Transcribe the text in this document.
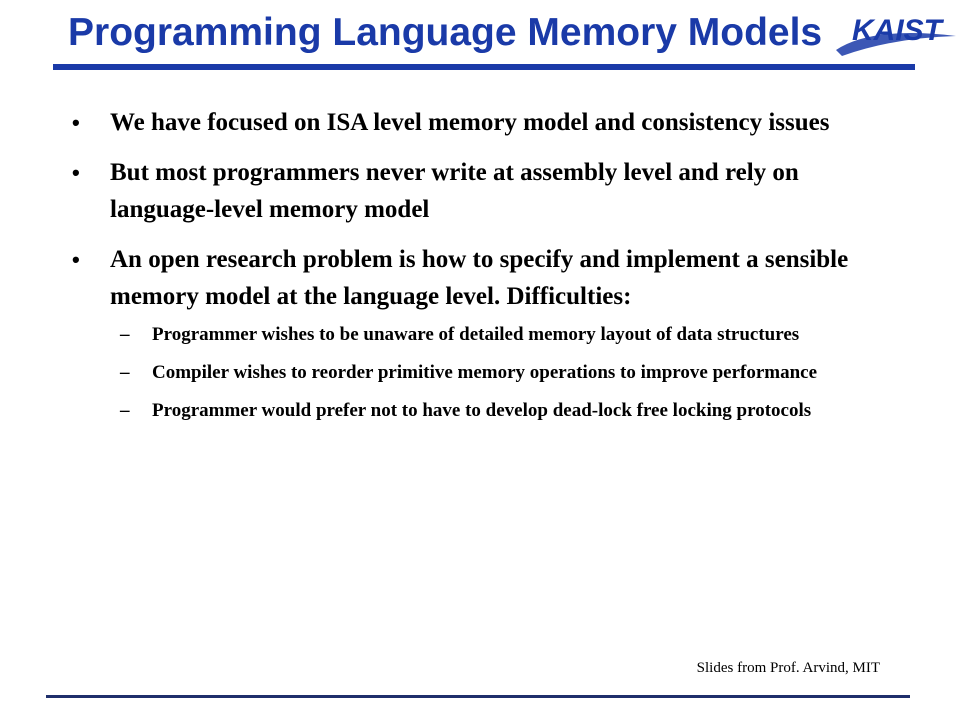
Programming Language Memory Models KAIST
•	We have focused on ISA level memory model and consistency issues
•	But most programmers never write at assembly level and rely on language-level memory model
•	An open research problem is how to specify and implement a sensible memory model at the language level. Difficulties:
–	Programmer wishes to be unaware of detailed memory layout of data structures
–	Compiler wishes to reorder primitive memory operations to improve performance
–	Programmer would prefer not to have to develop dead-lock free locking protocols
Slides from Prof. Arvind, MIT
